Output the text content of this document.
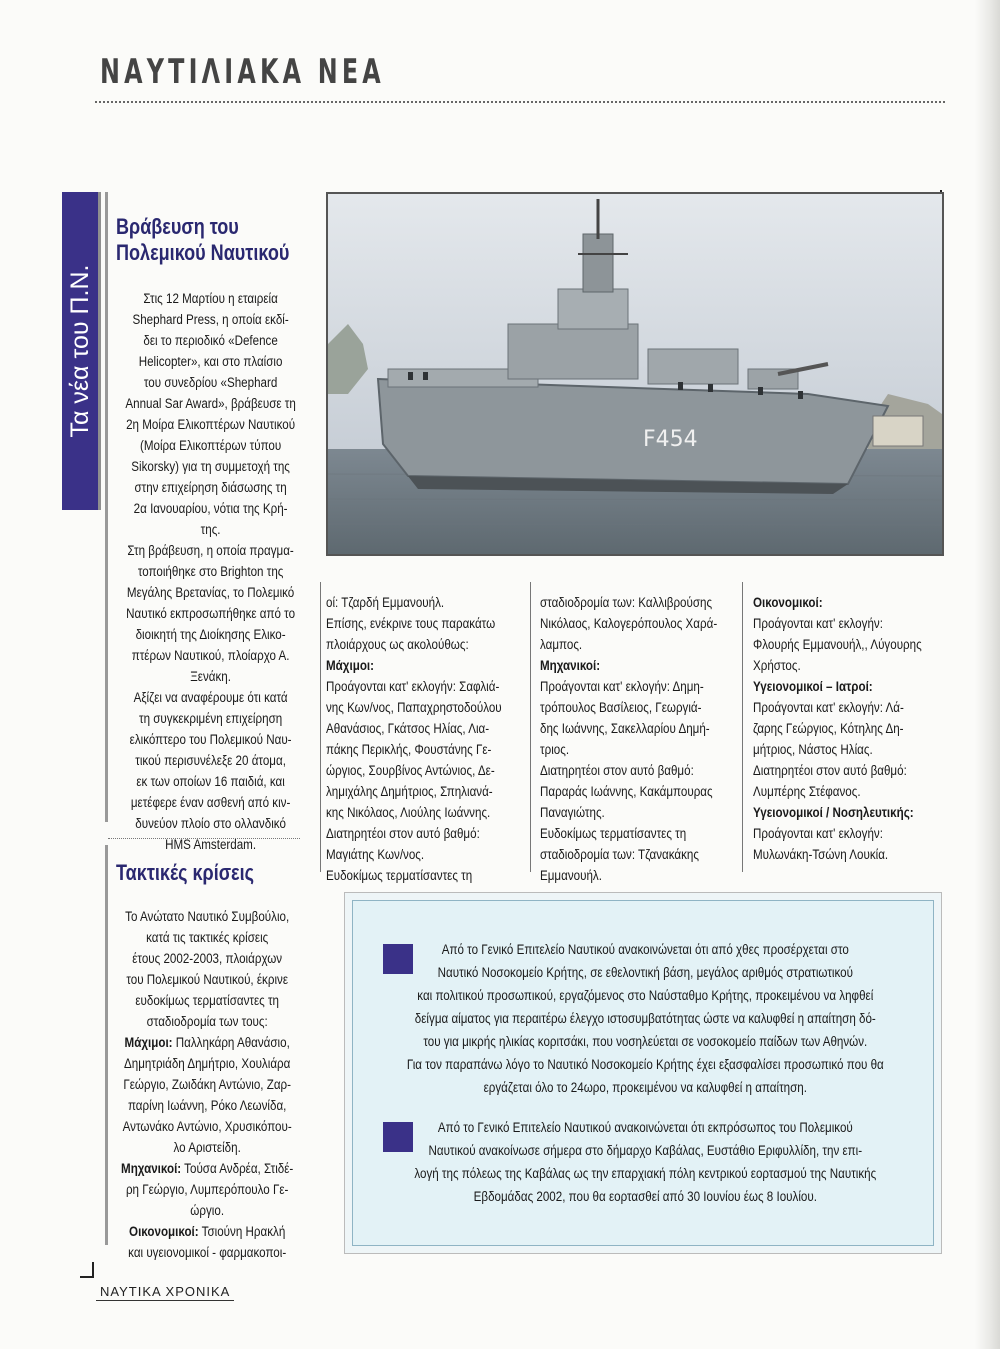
ΝΑΥΤΙΛΙΑΚΑ ΝΕΑ
Τα νέα του Π.Ν.
Βράβευση του
Πολεμικού Ναυτικού
Στις 12 Μαρτίου η εταιρεία
Shephard Press, η οποία εκδί-
δει το περιοδικό «Defence
Helicopter», και στο πλαίσιο
του συνεδρίου «Shephard
Annual Sar Award», βράβευσε τη
2η Μοίρα Ελικοπτέρων Ναυτικού
(Μοίρα Ελικοπτέρων τύπου
Sikorsky) για τη συμμετοχή της
στην επιχείρηση διάσωσης τη
2α Ιανουαρίου, νότια της Κρή-
της.
Στη βράβευση, η οποία πραγμα-
τοποιήθηκε στο Brighton της
Μεγάλης Βρετανίας, το Πολεμικό
Ναυτικό εκπροσωπήθηκε από το
διοικητή της Διοίκησης Ελικο-
πτέρων Ναυτικού, πλοίαρχο Α.
Ξενάκη.
Αξίζει να αναφέρουμε ότι κατά
τη συγκεκριμένη επιχείρηση
ελικόπτερο του Πολεμικού Ναυ-
τικού περισυνέλεξε 20 άτομα,
εκ των οποίων 16 παιδιά, και
μετέφερε έναν ασθενή από κιν-
δυνεύον πλοίο στο ολλανδικό
HMS Amsterdam.
F454
οί: Τζαρδή Εμμανουήλ.
Επίσης, ενέκρινε τους παρακάτω
πλοιάρχους ως ακολούθως:
Μάχιμοι:
Προάγονται κατ' εκλογήν: Σαφλιά-
νης Κων/νος, Παπαχρηστοδούλου
Αθανάσιος, Γκάτσος Ηλίας, Λια-
πάκης Περικλής, Φουστάνης Γε-
ώργιος, Σουρβίνος Αντώνιος, Δε-
λημιχάλης Δημήτριος, Σπηλιανά-
κης Νικόλαος, Λιούλης Ιωάννης.
Διατηρητέοι στον αυτό βαθμό:
Μαγιάτης Κων/νος.
Ευδοκίμως τερματίσαντες τη
σταδιοδρομία των: Καλλιβρούσης
Νικόλαος, Καλογερόπουλος Χαρά-
λαμπος.
Μηχανικοί:
Προάγονται κατ' εκλογήν: Δημη-
τρόπουλος Βασίλειος, Γεωργιά-
δης Ιωάννης, Σακελλαρίου Δημή-
τριος.
Διατηρητέοι στον αυτό βαθμό:
Παραράς Ιωάννης, Κακάμπουρας
Παναγιώτης.
Ευδοκίμως τερματίσαντες τη
σταδιοδρομία των: Τζανακάκης
Εμμανουήλ.
Οικονομικοί:
Προάγονται κατ' εκλογήν:
Φλουρής Εμμανουήλ,, Λύγουρης
Χρήστος.
Υγειονομικοί – Ιατροί:
Προάγονται κατ' εκλογήν: Λά-
ζαρης Γεώργιος, Κότηλης Δη-
μήτριος, Νάστος Ηλίας.
Διατηρητέοι στον αυτό βαθμό:
Λυμπέρης Στέφανος.
Υγειονομικοί / Νοσηλευτικής:
Προάγονται κατ' εκλογήν:
Μυλωνάκη-Τσώνη Λουκία.
Τακτικές κρίσεις
Το Ανώτατο Ναυτικό Συμβούλιο,
κατά τις τακτικές κρίσεις
έτους 2002-2003, πλοιάρχων
του Πολεμικού Ναυτικού, έκρινε
ευδοκίμως τερματίσαντες τη
σταδιοδρομία των τους:
Μάχιμοι: Παλληκάρη Αθανάσιο,
Δημητριάδη Δημήτριο, Χουλιάρα
Γεώργιο, Ζωιδάκη Αντώνιο, Ζαρ-
παρίνη Ιωάννη, Ρόκο Λεωνίδα,
Αντωνάκο Αντώνιο, Χρυσικόπου-
λο Αριστείδη.
Μηχανικοί: Τούσα Ανδρέα, Στιδέ-
ρη Γεώργιο, Λυμπερόπουλο Γε-
ώργιο.
Οικονομικοί: Τσιούνη Ηρακλή
και υγειονομικοί - φαρμακοποι-
Από το Γενικό Επιτελείο Ναυτικού ανακοινώνεται ότι από χθες προσέρχεται στο
Ναυτικό Νοσοκομείο Κρήτης, σε εθελοντική βάση, μεγάλος αριθμός στρατιωτικού
και πολιτικού προσωπικού, εργαζόμενος στο Ναύσταθμο Κρήτης, προκειμένου να ληφθεί
δείγμα αίματος για περαιτέρω έλεγχο ιστοσυμβατότητας ώστε να καλυφθεί η απαίτηση δό-
του για μικρής ηλικίας κοριτσάκι, που νοσηλεύεται σε νοσοκομείο παίδων των Αθηνών.
Για τον παραπάνω λόγο το Ναυτικό Νοσοκομείο Κρήτης έχει εξασφαλίσει προσωπικό που θα
εργάζεται όλο το 24ωρο, προκειμένου να καλυφθεί η απαίτηση.
Από το Γενικό Επιτελείο Ναυτικού ανακοινώνεται ότι εκπρόσωπος του Πολεμικού
Ναυτικού ανακοίνωσε σήμερα στο δήμαρχο Καβάλας, Ευστάθιο Εριφυλλίδη, την επι-
λογή της πόλεως της Καβάλας ως την επαρχιακή πόλη κεντρικού εορτασμού της Ναυτικής
Εβδομάδας 2002, που θα εορτασθεί από 30 Ιουνίου έως 8 Ιουλίου.
ΝΑΥΤΙΚΑ ΧΡΟΝΙΚΑ
